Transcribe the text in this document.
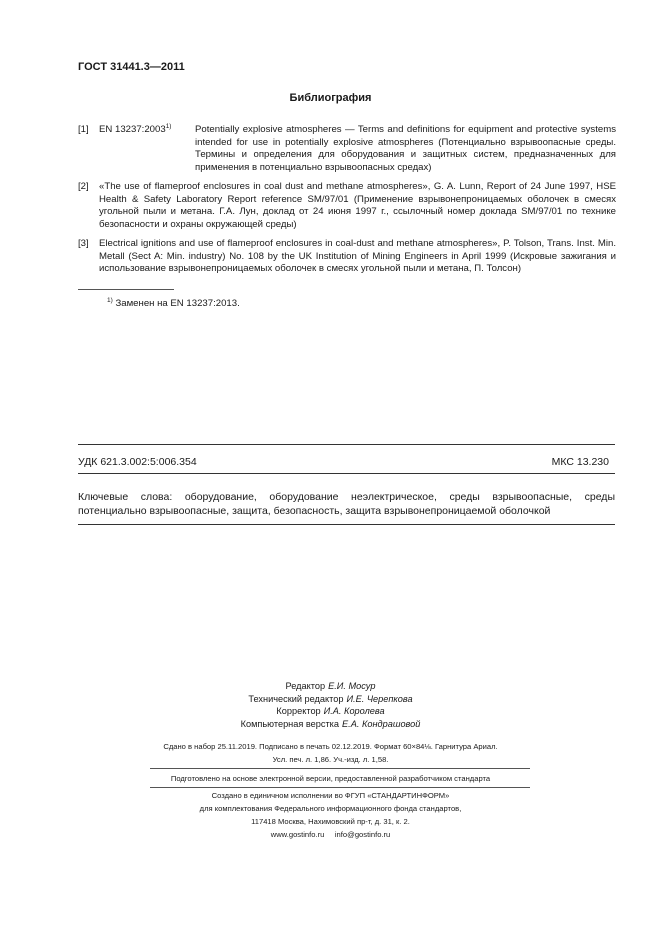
ГОСТ 31441.3—2011
Библиография
[1] EN 13237:2003$^{1)}$ Potentially explosive atmospheres — Terms and definitions for equipment and protective systems intended for use in potentially explosive atmospheres (Потенциально взрывоопасные среды. Термины и определения для оборудования и защитных систем, предназначенных для применения в потенциально взрывоопасных средах)
[2] «The use of flameproof enclosures in coal dust and methane atmospheres», G. A. Lunn, Report of 24 June 1997, HSE Health & Safety Laboratory Report reference SM/97/01 (Применение взрывонепроницаемых оболочек в смесях угольной пыли и метана. Г.А. Лун, доклад от 24 июня 1997 г., ссылочный номер доклада SM/97/01 по технике безопасности и охраны окружающей среды)
[3] Electrical ignitions and use of flameproof enclosures in coal-dust and methane atmospheres», P. Tolson, Trans. Inst. Min. Metall (Sect A: Min. industry) No. 108 by the UK Institution of Mining Engineers in April 1999 (Искровые зажигания и использование взрывонепроницаемых оболочек в смесях угольной пыли и метана, П. Толсон)
$^{1)}$ Заменен на EN 13237:2013.
УДК 621.3.002:5:006.354	МКС 13.230
Ключевые слова: оборудование, оборудование неэлектрическое, среды взрывоопасные, среды потенциально взрывоопасные, защита, безопасность, защита взрывонепроницаемой оболочкой
Редактор Е.И. Мосур
Технический редактор И.Е. Черепкова
Корректор И.А. Королева
Компьютерная верстка Е.А. Кондрашовой
Сдано в набор 25.11.2019. Подписано в печать 02.12.2019. Формат 60×84⅛. Гарнитура Ариал.
Усл. печ. л. 1,86. Уч.-изд. л. 1,58.
Подготовлено на основе электронной версии, предоставленной разработчиком стандарта
Создано в единичном исполнении во ФГУП «СТАНДАРТИНФОРМ»
для комплектования Федерального информационного фонда стандартов,
117418 Москва, Нахимовский пр-т, д. 31, к. 2.
www.gostinfo.ru     info@gostinfo.ru
